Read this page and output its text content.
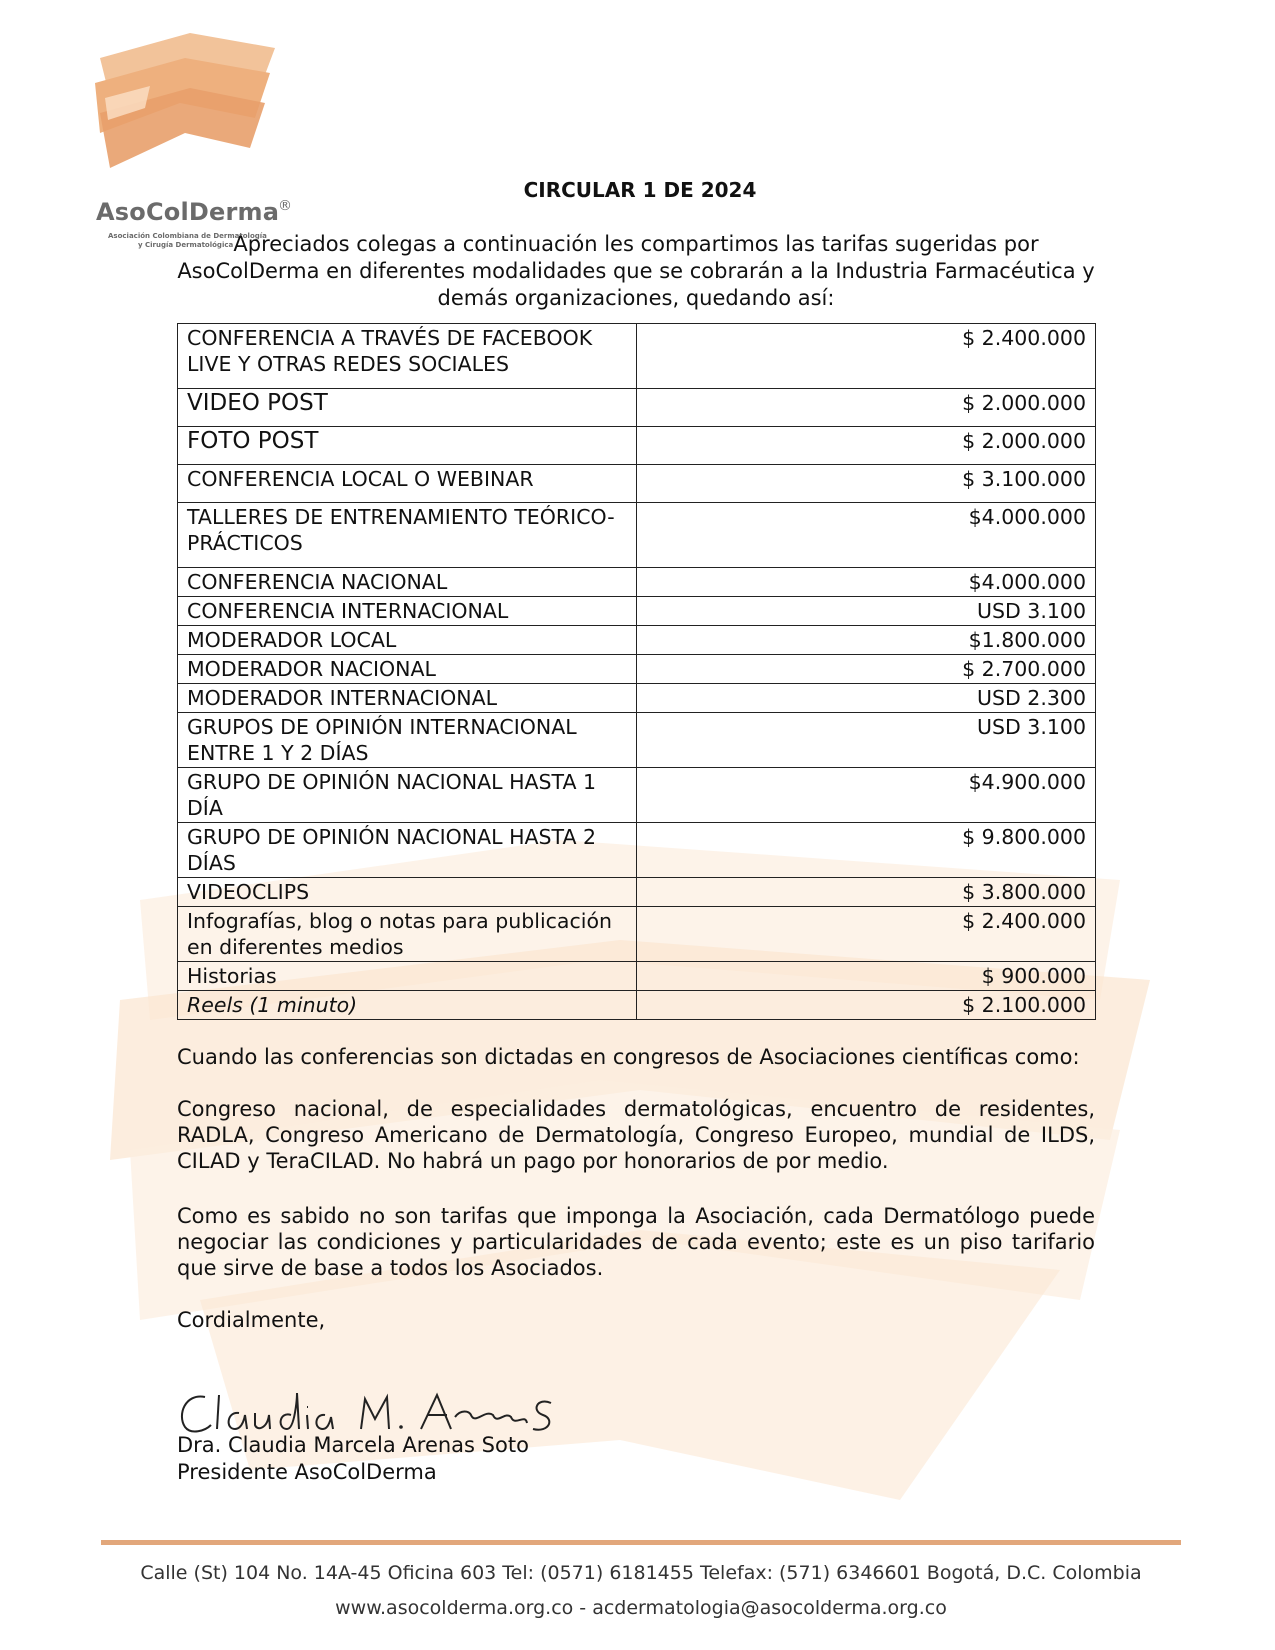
AsoColDerma
®
Asociación Colombiana de Dermatología
y Cirugía Dermatológica
CIRCULAR 1 DE 2024
Apreciados colegas a continuación les compartimos las tarifas sugeridas por AsoColDerma en diferentes modalidades que se cobrarán a la Industria Farmacéutica y demás organizaciones, quedando así:
CONFERENCIA A TRAVÉS DE FACEBOOK LIVE Y OTRAS REDES SOCIALES	$ 2.400.000
VIDEO POST	$ 2.000.000
FOTO POST	$ 2.000.000
CONFERENCIA LOCAL O WEBINAR	$ 3.100.000
TALLERES DE ENTRENAMIENTO TEÓRICO-PRÁCTICOS	$4.000.000
CONFERENCIA NACIONAL	$4.000.000
CONFERENCIA INTERNACIONAL	USD 3.100
MODERADOR LOCAL	$1.800.000
MODERADOR NACIONAL	$ 2.700.000
MODERADOR INTERNACIONAL	USD 2.300
GRUPOS DE OPINIÓN INTERNACIONAL ENTRE 1 Y 2 DÍAS	USD 3.100
GRUPO DE OPINIÓN NACIONAL HASTA 1 DÍA	$4.900.000
GRUPO DE OPINIÓN NACIONAL HASTA 2 DÍAS	$ 9.800.000
VIDEOCLIPS	$ 3.800.000
Infografías, blog o notas para publicación en diferentes medios	$ 2.400.000
Historias	$ 900.000
Reels (1 minuto)	$ 2.100.000
Cuando las conferencias son dictadas en congresos de Asociaciones científicas como:
Congreso nacional, de especialidades dermatológicas, encuentro de residentes, RADLA, Congreso Americano de Dermatología, Congreso Europeo, mundial de ILDS, CILAD y TeraCILAD. No habrá un pago por honorarios de por medio.
Como es sabido no son tarifas que imponga la Asociación, cada Dermatólogo puede negociar las condiciones y particularidades de cada evento; este es un piso tarifario que sirve de base a todos los Asociados.
Cordialmente,
Dra. Claudia Marcela Arenas Soto
Presidente AsoColDerma
Calle (St) 104 No. 14A-45 Oficina 603 Tel: (0571) 6181455 Telefax: (571) 6346601 Bogotá, D.C. Colombia
www.asocolderma.org.co - acdermatologia@asocolderma.org.co
